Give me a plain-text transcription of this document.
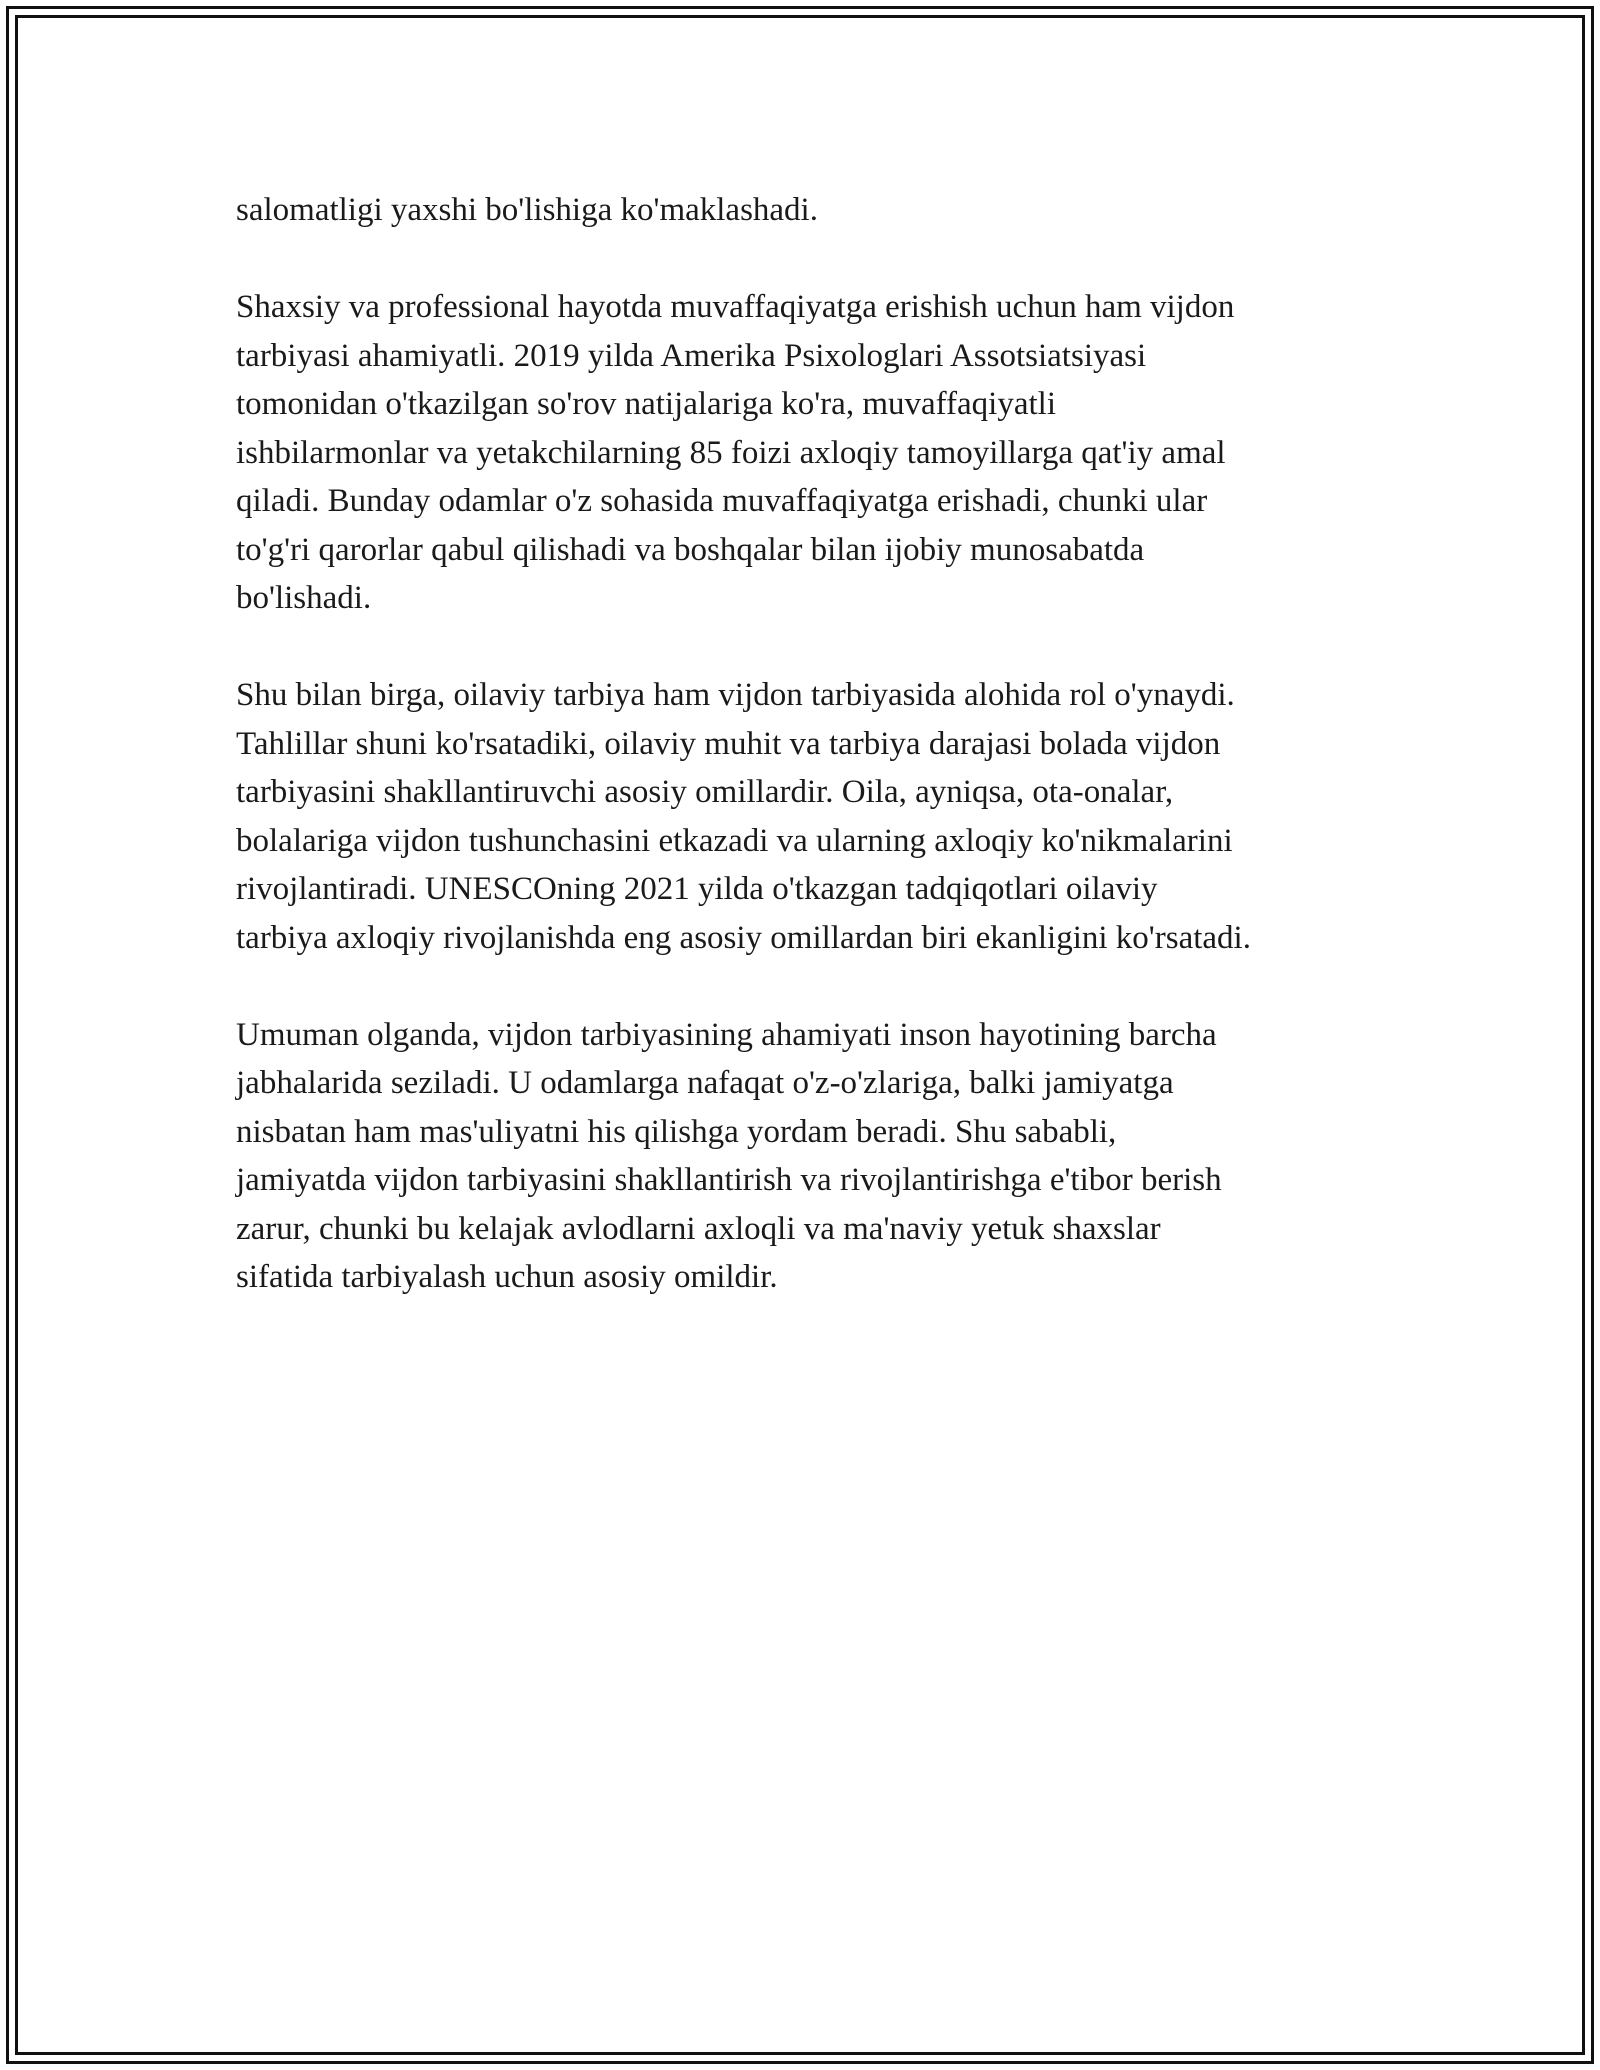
salomatligi yaxshi bo'lishiga ko'maklashadi.

Shaxsiy va professional hayotda muvaffaqiyatga erishish uchun ham vijdon
tarbiyasi ahamiyatli. 2019 yilda Amerika Psixologlari Assotsiatsiyasi
tomonidan o'tkazilgan so'rov natijalariga ko'ra, muvaffaqiyatli
ishbilarmonlar va yetakchilarning 85 foizi axloqiy tamoyillarga qat'iy amal
qiladi. Bunday odamlar o'z sohasida muvaffaqiyatga erishadi, chunki ular
to'g'ri qarorlar qabul qilishadi va boshqalar bilan ijobiy munosabatda
bo'lishadi.

Shu bilan birga, oilaviy tarbiya ham vijdon tarbiyasida alohida rol o'ynaydi.
Tahlillar shuni ko'rsatadiki, oilaviy muhit va tarbiya darajasi bolada vijdon
tarbiyasini shakllantiruvchi asosiy omillardir. Oila, ayniqsa, ota-onalar,
bolalariga vijdon tushunchasini etkazadi va ularning axloqiy ko'nikmalarini
rivojlantiradi. UNESCOning 2021 yilda o'tkazgan tadqiqotlari oilaviy
tarbiya axloqiy rivojlanishda eng asosiy omillardan biri ekanligini ko'rsatadi.

Umuman olganda, vijdon tarbiyasining ahamiyati inson hayotining barcha
jabhalarida seziladi. U odamlarga nafaqat o'z-o'zlariga, balki jamiyatga
nisbatan ham mas'uliyatni his qilishga yordam beradi. Shu sababli,
jamiyatda vijdon tarbiyasini shakllantirish va rivojlantirishga e'tibor berish
zarur, chunki bu kelajak avlodlarni axloqli va ma'naviy yetuk shaxslar
sifatida tarbiyalash uchun asosiy omildir.
